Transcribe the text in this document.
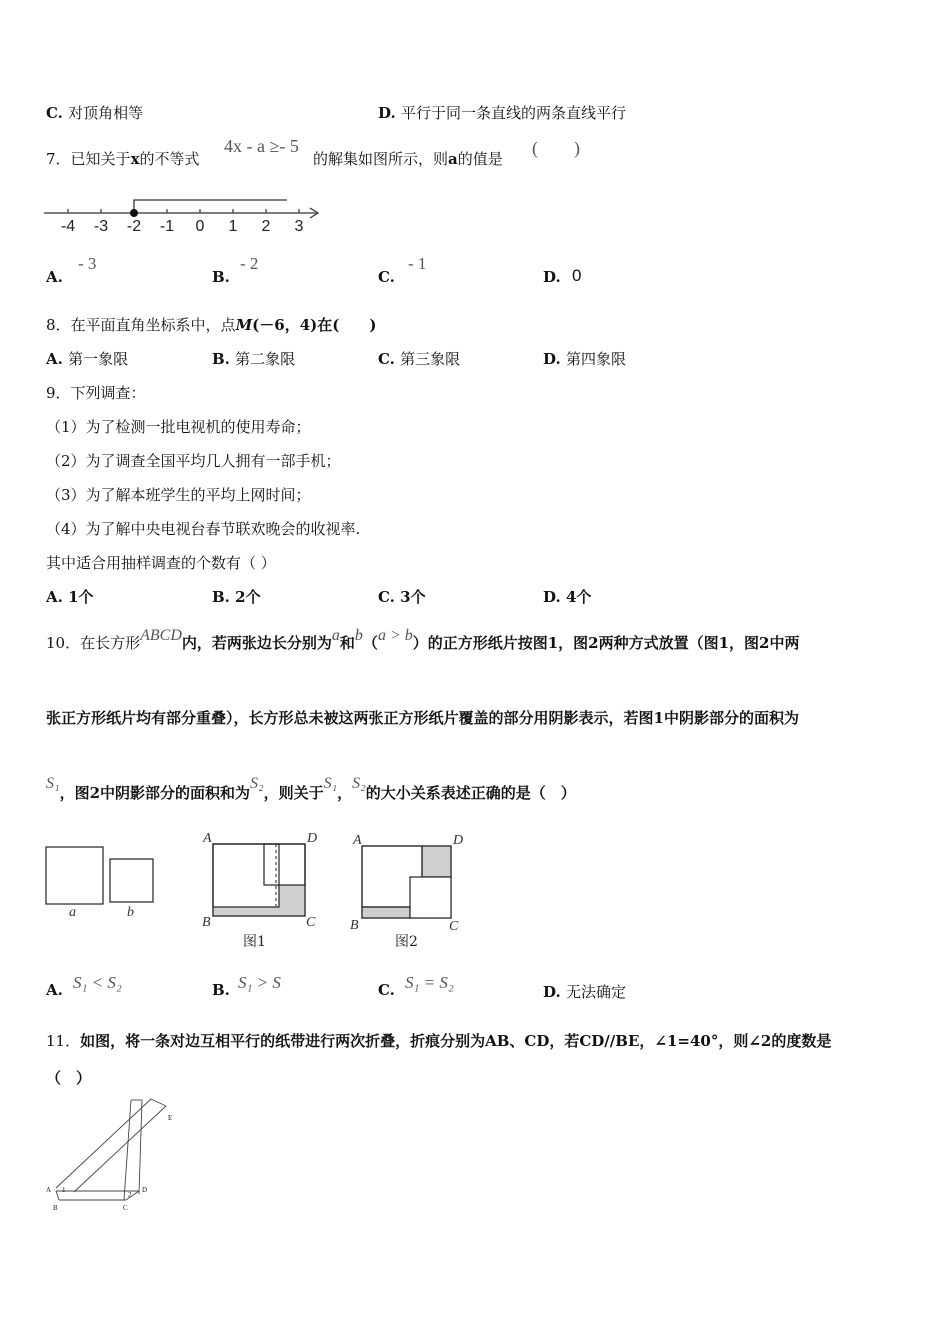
C. 对顶角相等	D. 平行于同一条直线的两条直线平行
7．已知关于x的不等式
4x - a ≥- 5
的解集如图所示，则a的值是
(　　)
-4 -3 -2 -1 0 1 2 3
A.
- 3
B.
- 2
C.
- 1
D. 0
8．在平面直角坐标系中，点M(－6，4)在(　　)
A. 第一象限	B. 第二象限	C. 第三象限	D. 第四象限
9．下列调查：
（1）为了检测一批电视机的使用寿命；
（2）为了调查全国平均几人拥有一部手机；
（3）为了解本班学生的平均上网时间；
（4）为了解中央电视台春节联欢晚会的收视率.
其中适合用抽样调查的个数有（ ）
A. 1个	B. 2个	C. 3个	D. 4个
10．在长方形ABCD内，若两张边长分别为a和b（a > b）的正方形纸片按图1，图2两种方式放置（图1，图2中两
张正方形纸片均有部分重叠），长方形总未被这两张正方形纸片覆盖的部分用阴影表示，若图1中阴影部分的面积为
S₁，图2中阴影部分的面积和为S₂，则关于S₁，S₂的大小关系表述正确的是（　）
a	b
A	D
B	C
图1
A	D
B	C
图2
A. S₁ < S₂	B. S₁ > S	C. S₁ = S₂	D. 无法确定
11．如图，将一条对边互相平行的纸带进行两次折叠，折痕分别为AB、CD，若CD//BE，∠1=40°，则∠2的度数是
（　）
A
B	C
D
E
1
2
